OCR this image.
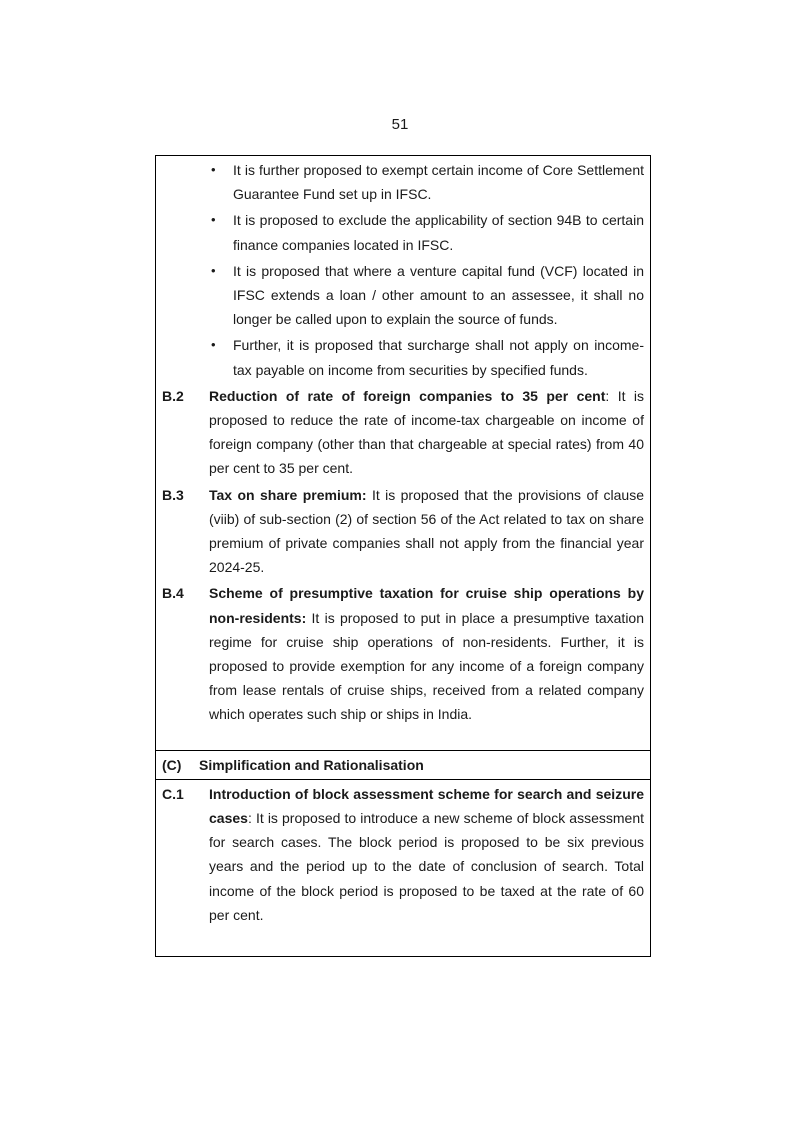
51
•	It is further proposed to exempt certain income of Core Settlement Guarantee Fund set up in IFSC.
•	It is proposed to exclude the applicability of section 94B to certain finance companies located in IFSC.
•	It is proposed that where a venture capital fund (VCF) located in IFSC extends a loan / other amount to an assessee, it shall no longer be called upon to explain the source of funds.
•	Further, it is proposed that surcharge shall not apply on income-tax payable on income from securities by specified funds.
B.2	Reduction of rate of foreign companies to 35 per cent: It is proposed to reduce the rate of income-tax chargeable on income of foreign company (other than that chargeable at special rates) from 40 per cent to 35 per cent.
B.3	Tax on share premium: It is proposed that the provisions of clause (viib) of sub-section (2) of section 56 of the Act related to tax on share premium of private companies shall not apply from the financial year 2024-25.
B.4	Scheme of presumptive taxation for cruise ship operations by non-residents: It is proposed to put in place a presumptive taxation regime for cruise ship operations of non-residents. Further, it is proposed to provide exemption for any income of a foreign company from lease rentals of cruise ships, received from a related company which operates such ship or ships in India.
(C)	Simplification and Rationalisation
C.1	Introduction of block assessment scheme for search and seizure cases: It is proposed to introduce a new scheme of block assessment for search cases. The block period is proposed to be six previous years and the period up to the date of conclusion of search. Total income of the block period is proposed to be taxed at the rate of 60 per cent.
